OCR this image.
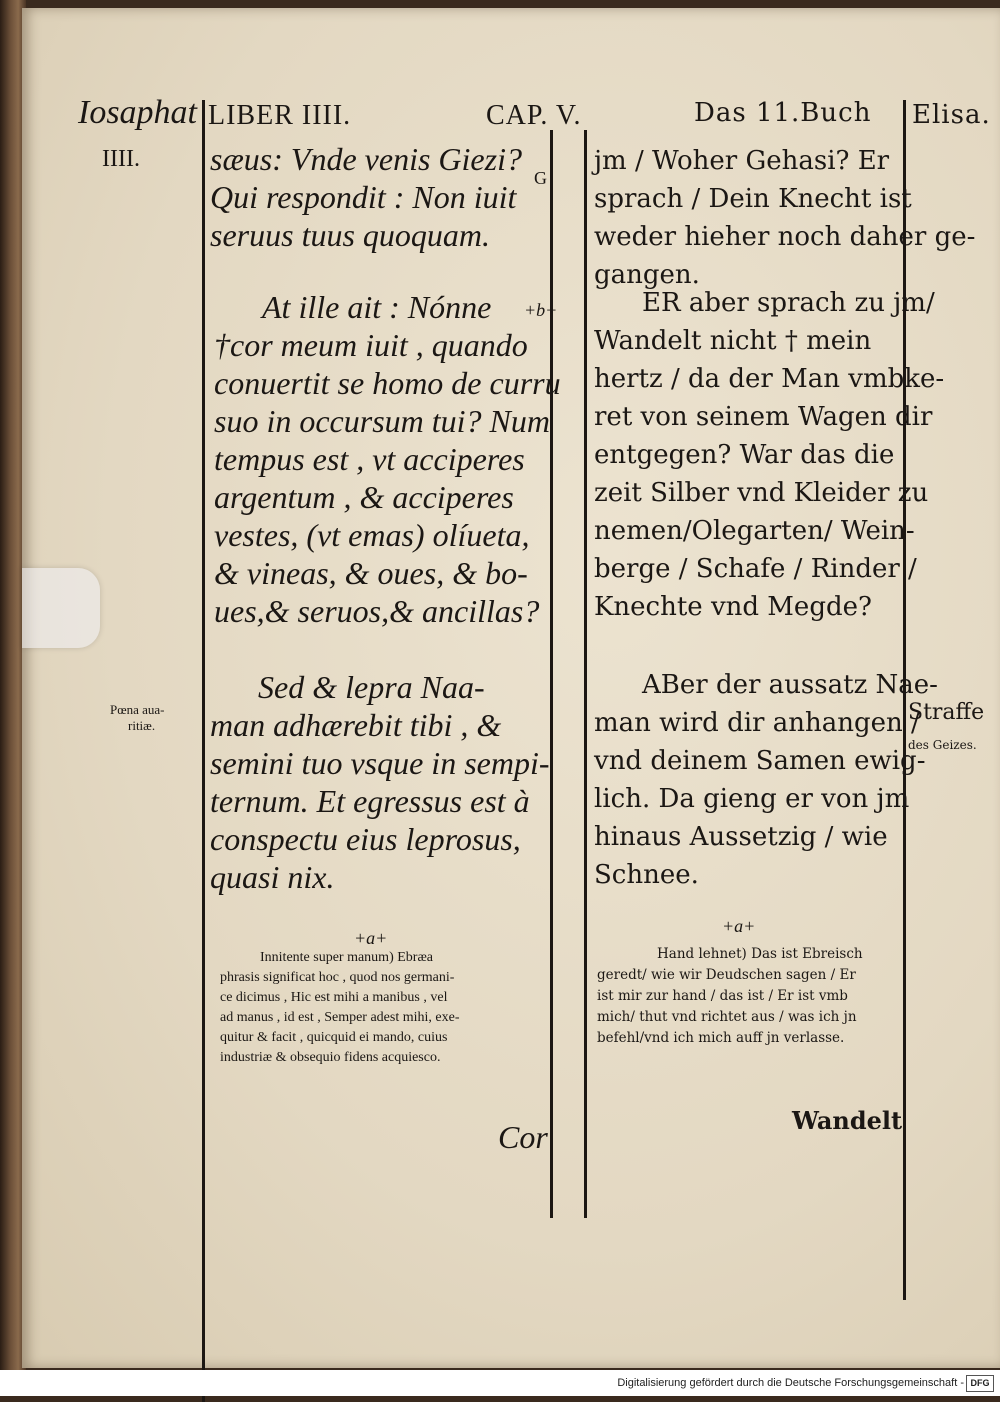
Iosaphat LIBER IIII.	CAP. V.	Das 11.Buch Elisa.
IIII.
Pœna aua-
ritiæ.
Straffe
des Geizes.
G
+b+
+a+
+a+
sæus: Vnde venis Giezi?
Qui respondit : Non iuit
seruus tuus quoquam.
At ille ait : Nónne
†cor meum iuit , quando
conuertit se homo de curru
suo in occursum tui? Num
tempus est , vt acciperes
argentum , & acciperes
vestes, (vt emas) olíueta,
& vineas, & oues, & bo-
ues,& seruos,& ancillas?
Sed & lepra Naa-
man adhærebit tibi , &
semini tuo vsque in sempi-
ternum. Et egressus est à
conspectu eius leprosus,
quasi nix.
jm / Woher Gehasi? Er
sprach / Dein Knecht ist
weder hieher noch daher ge-
gangen.
ER aber sprach zu jm/
Wandelt nicht † mein
hertz / da der Man vmbke-
ret von seinem Wagen dir
entgegen? War das die
zeit Silber vnd Kleider zu
nemen/Olegarten/ Wein-
berge / Schafe / Rinder /
Knechte vnd Megde?
ABer der aussatz Nae-
man wird dir anhangen /
vnd deinem Samen ewig-
lich. Da gieng er von jm
hinaus Aussetzig / wie
Schnee.
Innitente super manum) Ebræa
phrasis significat hoc , quod nos germani-
ce dicimus , Hic est mihi a manibus , vel
ad manus , id est , Semper adest mihi, exe-
quitur & facit , quicquid ei mando, cuius
industriæ & obsequio fidens acquiesco.
Hand lehnet) Das ist Ebreisch
geredt/ wie wir Deudschen sagen / Er
ist mir zur hand / das ist / Er ist vmb
mich/ thut vnd richtet aus / was ich jn
befehl/vnd ich mich auff jn verlasse.
Cor	Wandelt
Digitalisierung gefördert durch die Deutsche Forschungsgemeinschaft - DFG
